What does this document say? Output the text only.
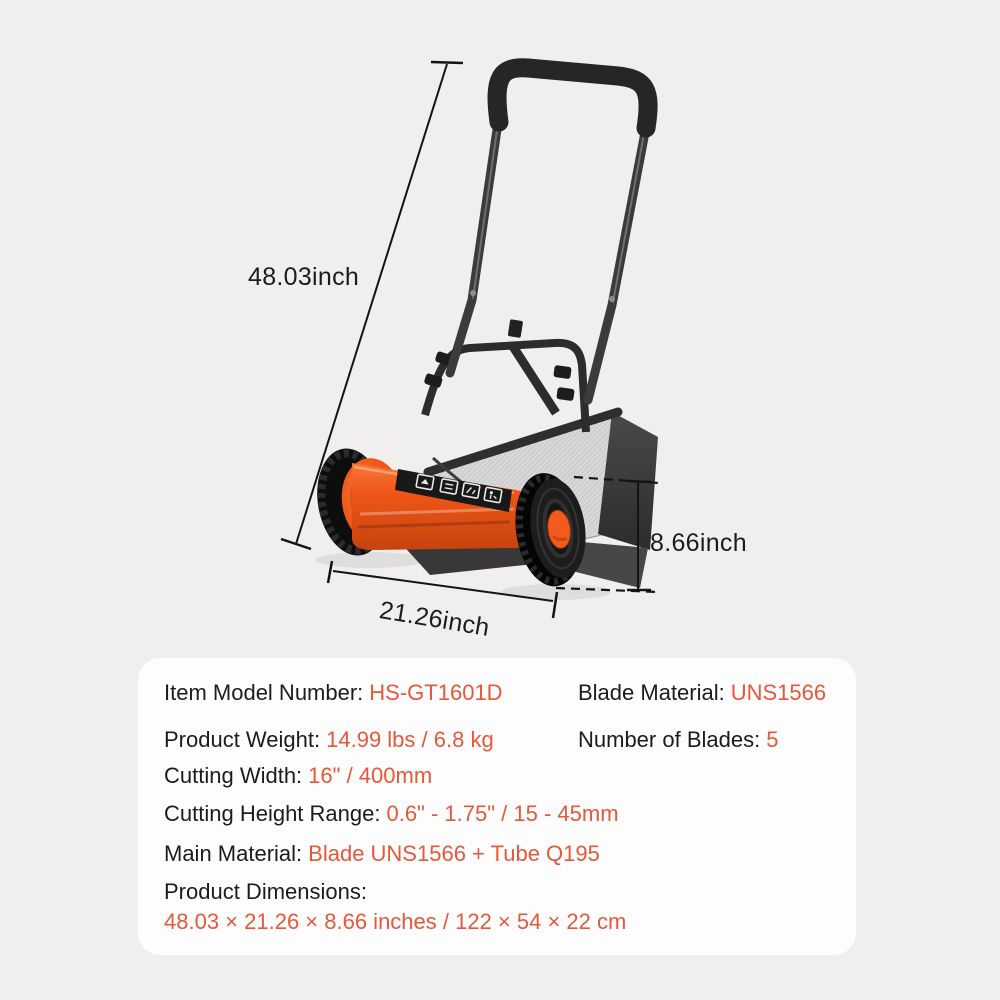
48.03inch
21.26inch
8.66inch
Item Model Number: HS-GT1601D
Product Weight: 14.99 lbs / 6.8 kg
Cutting Width: 16" / 400mm
Cutting Height Range: 0.6" - 1.75" / 15 - 45mm
Main Material: Blade UNS1566 + Tube Q195
Product Dimensions:
48.03 × 21.26 × 8.66 inches / 122 × 54 × 22 cm
Blade Material: UNS1566
Number of Blades: 5
